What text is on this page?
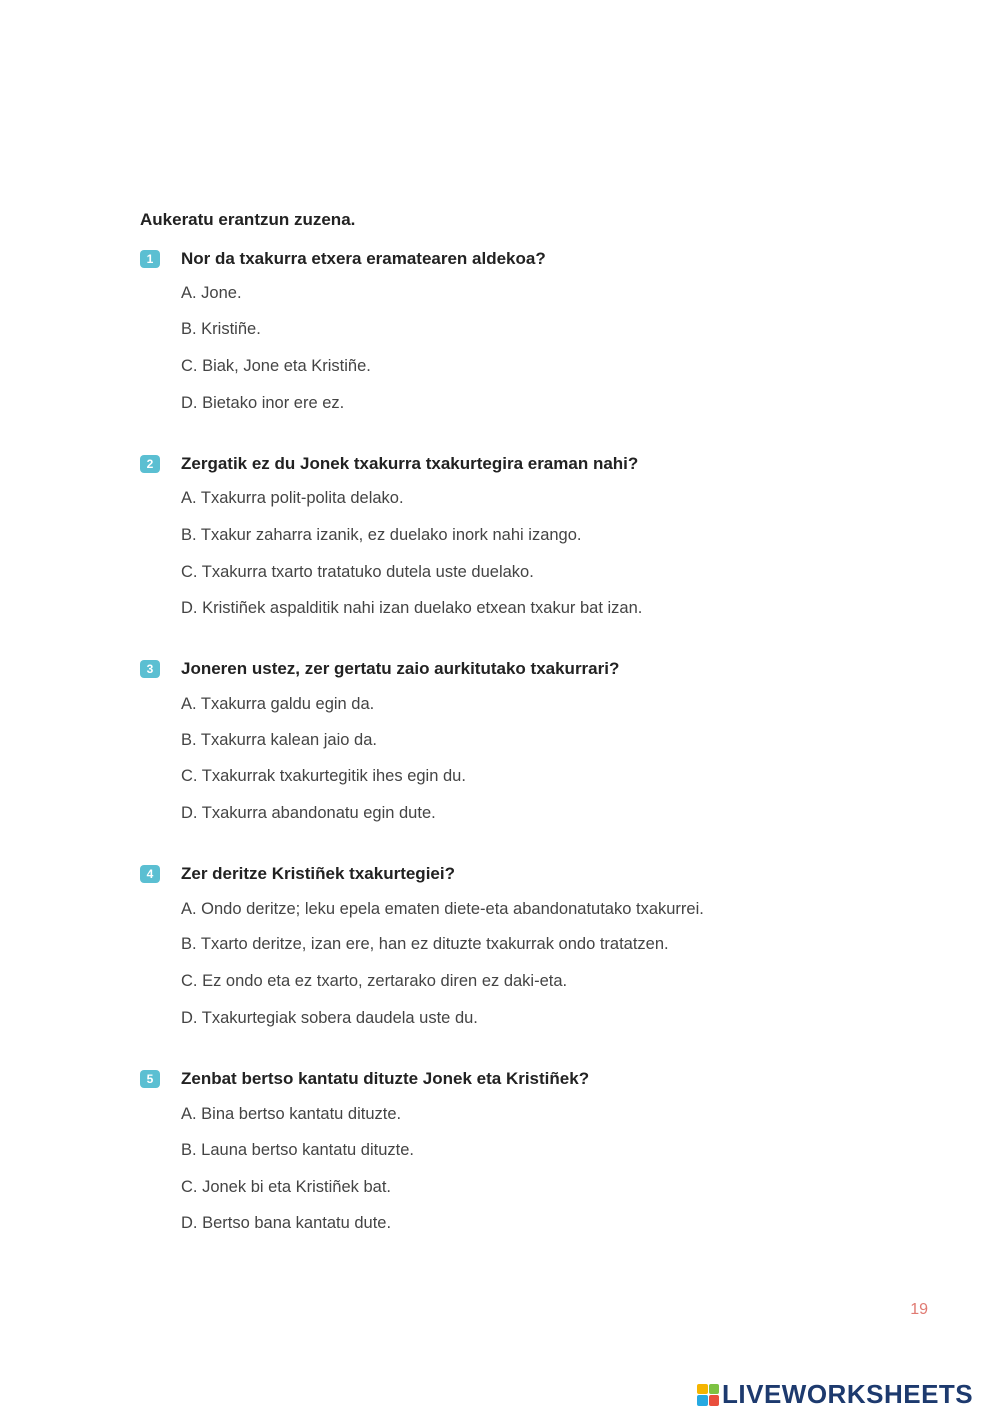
Aukeratu erantzun zuzena.
1	Nor da txakurra etxera eramatearen aldekoa?
A. Jone.
B. Kristiñe.
C. Biak, Jone eta Kristiñe.
D. Bietako inor ere ez.
2	Zergatik ez du Jonek txakurra txakurtegira eraman nahi?
A. Txakurra polit-polita delako.
B. Txakur zaharra izanik, ez duelako inork nahi izango.
C. Txakurra txarto tratatuko dutela uste duelako.
D. Kristiñek aspalditik nahi izan duelako etxean txakur bat izan.
3	Joneren ustez, zer gertatu zaio aurkitutako txakurrari?
A. Txakurra galdu egin da.
B. Txakurra kalean jaio da.
C. Txakurrak txakurtegitik ihes egin du.
D. Txakurra abandonatu egin dute.
4	Zer deritze Kristiñek txakurtegiei?
A. Ondo deritze; leku epela ematen diete-eta abandonatutako txakurrei.
B. Txarto deritze, izan ere, han ez dituzte txakurrak ondo tratatzen.
C. Ez ondo eta ez txarto, zertarako diren ez daki-eta.
D. Txakurtegiak sobera daudela uste du.
5	Zenbat bertso kantatu dituzte Jonek eta Kristiñek?
A. Bina bertso kantatu dituzte.
B. Launa bertso kantatu dituzte.
C. Jonek bi eta Kristiñek bat.
D. Bertso bana kantatu dute.
19
LIVEWORKSHEETS
